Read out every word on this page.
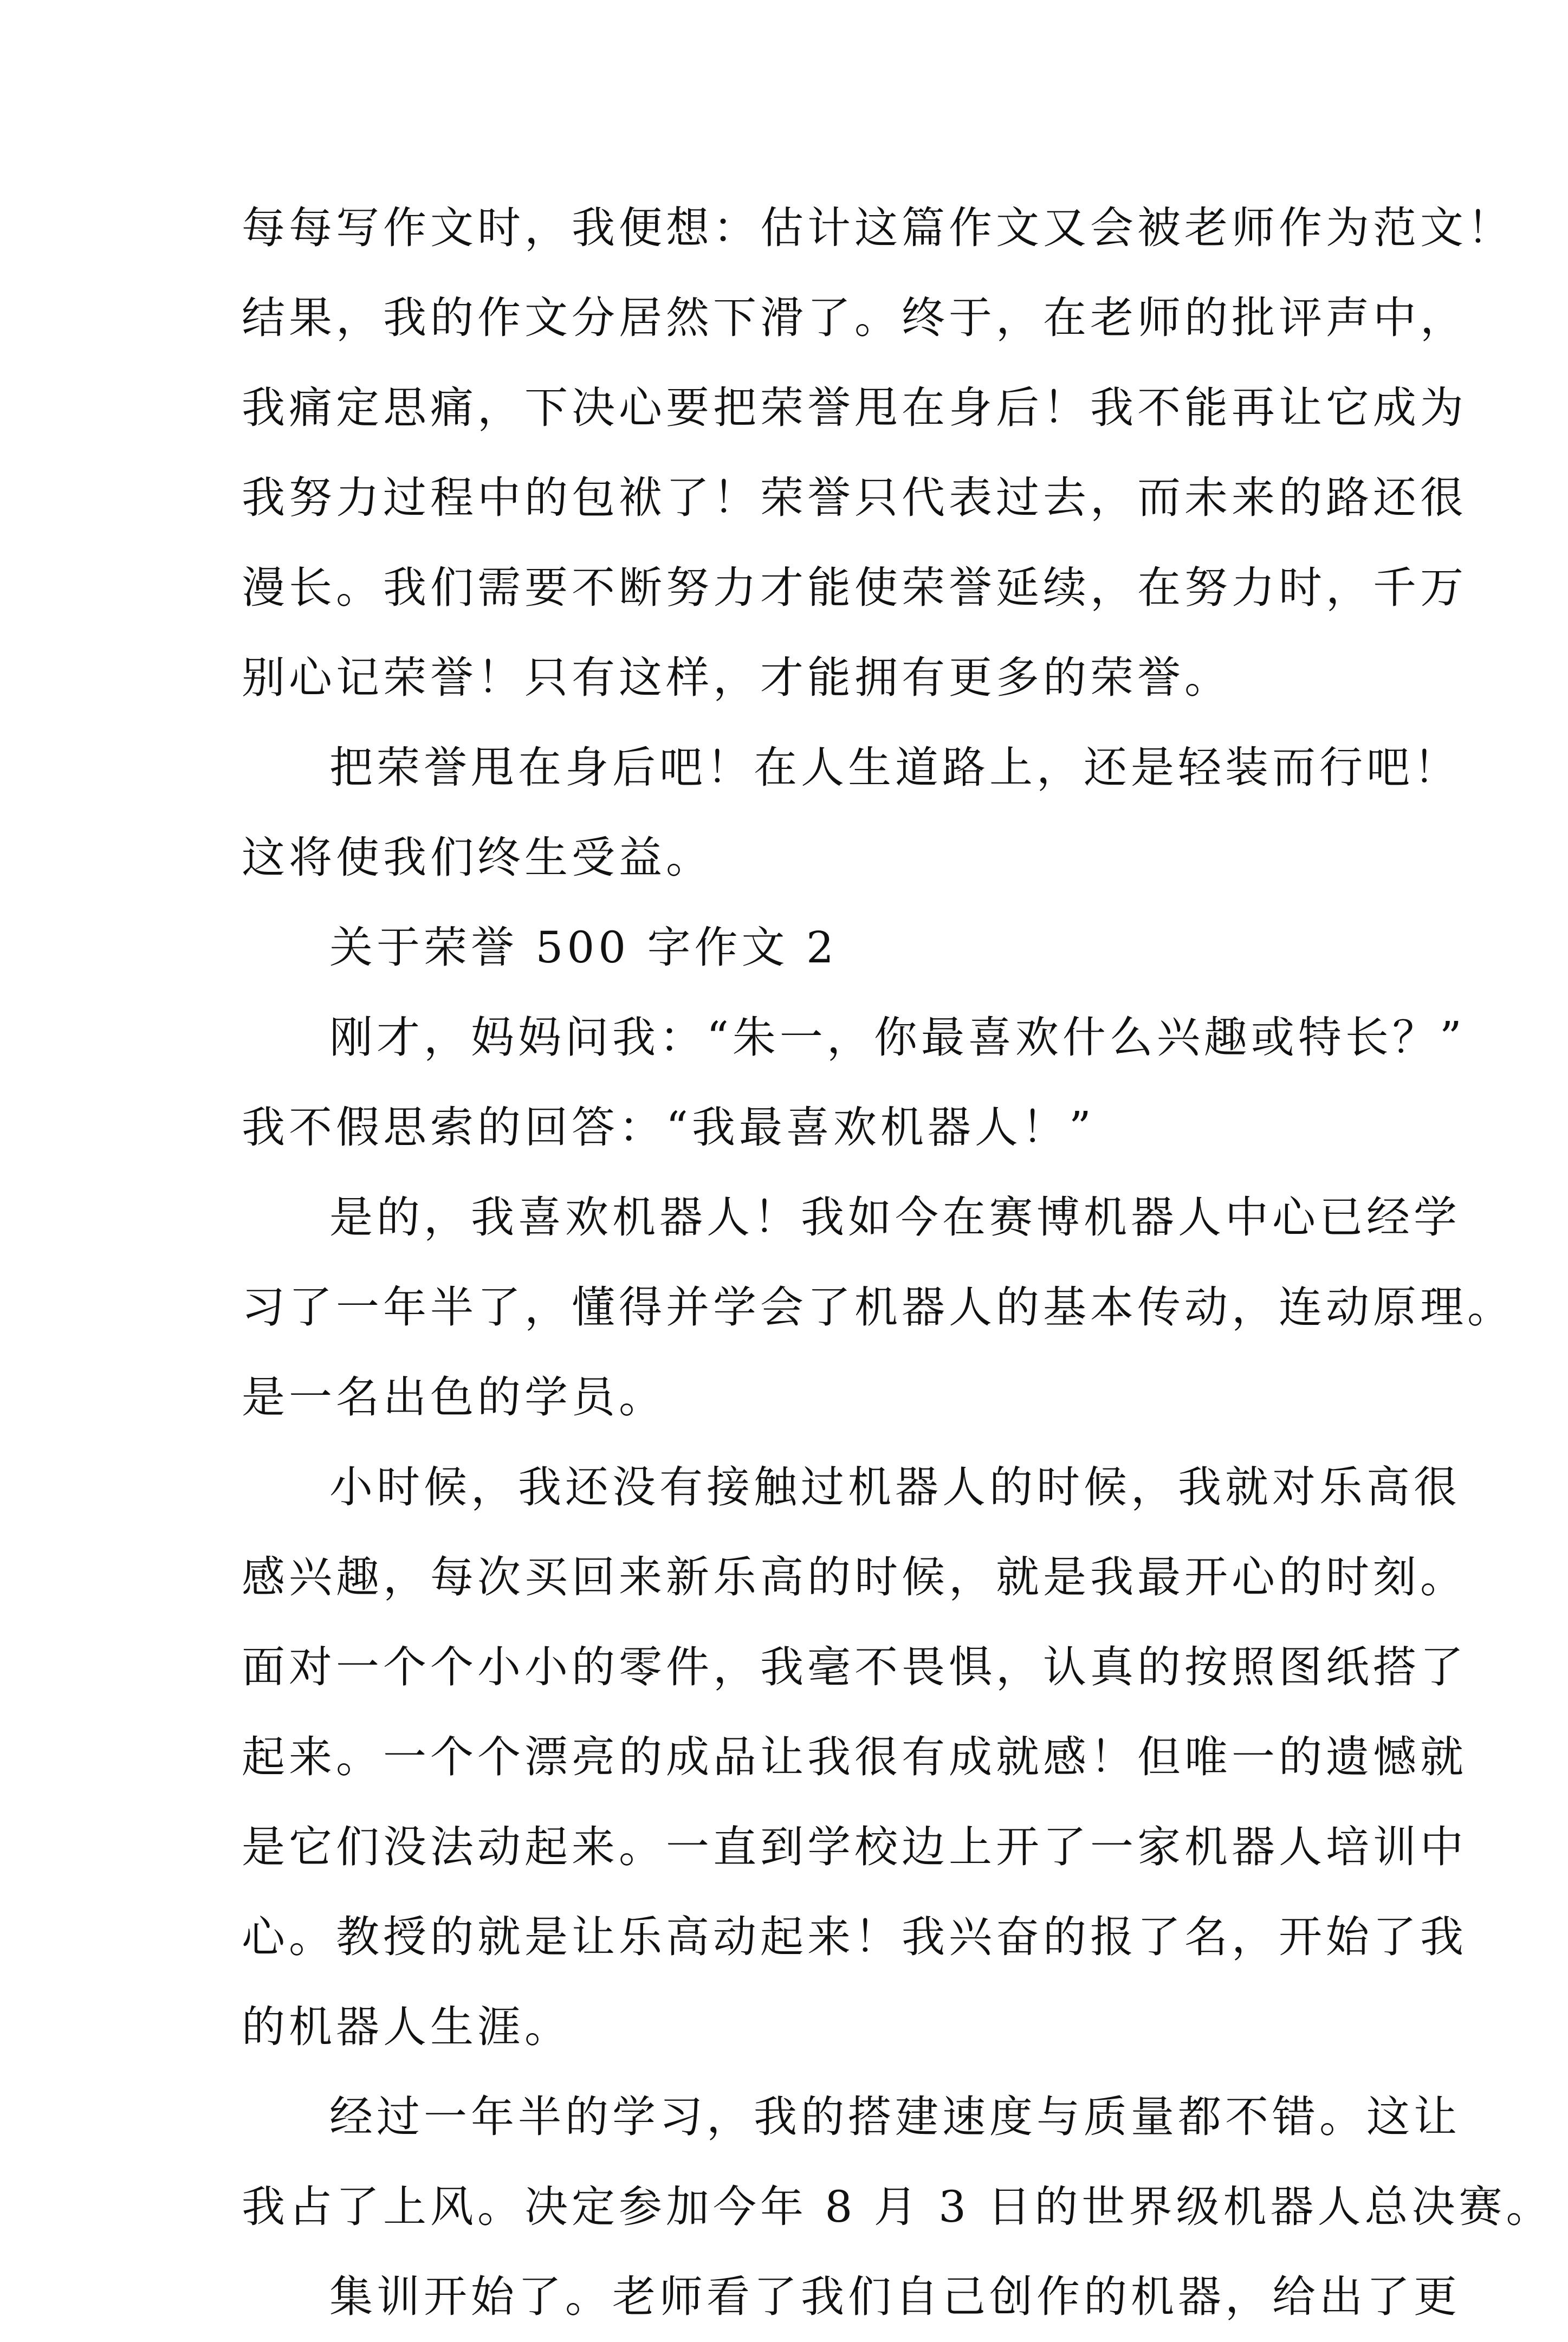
每每写作文时，我便想：估计这篇作文又会被老师作为范文！
结果，我的作文分居然下滑了。终于，在老师的批评声中，
我痛定思痛，下决心要把荣誉甩在身后！我不能再让它成为
我努力过程中的包袱了！荣誉只代表过去，而未来的路还很
漫长。我们需要不断努力才能使荣誉延续，在努力时，千万
别心记荣誉！只有这样，才能拥有更多的荣誉。
把荣誉甩在身后吧！在人生道路上，还是轻装而行吧！
这将使我们终生受益。
关于荣誉 500 字作文 2
刚才，妈妈问我：“朱一，你最喜欢什么兴趣或特长？”
我不假思索的回答：“我最喜欢机器人！”
是的，我喜欢机器人！我如今在赛博机器人中心已经学
习了一年半了，懂得并学会了机器人的基本传动，连动原理。
是一名出色的学员。
小时候，我还没有接触过机器人的时候，我就对乐高很
感兴趣，每次买回来新乐高的时候，就是我最开心的时刻。
面对一个个小小的零件，我毫不畏惧，认真的按照图纸搭了
起来。一个个漂亮的成品让我很有成就感！但唯一的遗憾就
是它们没法动起来。一直到学校边上开了一家机器人培训中
心。教授的就是让乐高动起来！我兴奋的报了名，开始了我
的机器人生涯。
经过一年半的学习，我的搭建速度与质量都不错。这让
我占了上风。决定参加今年 8 月 3 日的世界级机器人总决赛。
集训开始了。老师看了我们自己创作的机器，给出了更
